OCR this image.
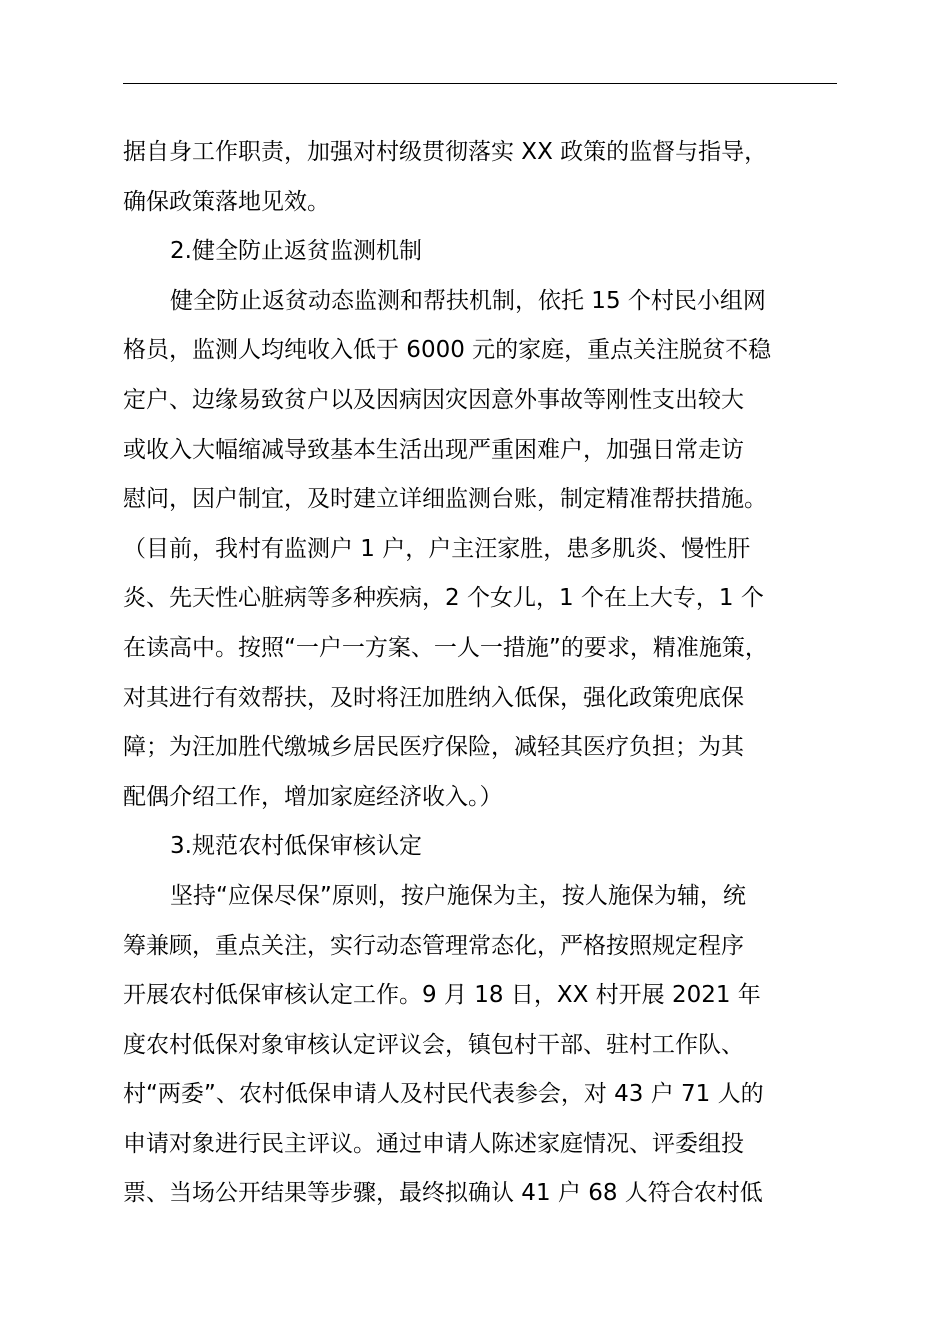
据自身工作职责，加强对村级贯彻落实 XX 政策的监督与指导，
确保政策落地见效。
2.健全防止返贫监测机制
健全防止返贫动态监测和帮扶机制，依托 15 个村民小组网
格员，监测人均纯收入低于 6000 元的家庭，重点关注脱贫不稳
定户、边缘易致贫户以及因病因灾因意外事故等刚性支出较大
或收入大幅缩减导致基本生活出现严重困难户，加强日常走访
慰问，因户制宜，及时建立详细监测台账，制定精准帮扶措施。
（目前，我村有监测户 1 户，户主汪家胜，患多肌炎、慢性肝
炎、先天性心脏病等多种疾病，2 个女儿，1 个在上大专，1 个
在读高中。按照“一户一方案、一人一措施”的要求，精准施策，
对其进行有效帮扶，及时将汪加胜纳入低保，强化政策兜底保
障；为汪加胜代缴城乡居民医疗保险，减轻其医疗负担；为其
配偶介绍工作，增加家庭经济收入。）
3.规范农村低保审核认定
坚持“应保尽保”原则，按户施保为主，按人施保为辅，统
筹兼顾，重点关注，实行动态管理常态化，严格按照规定程序
开展农村低保审核认定工作。9 月 18 日，XX 村开展 2021 年
度农村低保对象审核认定评议会，镇包村干部、驻村工作队、
村“两委”、农村低保申请人及村民代表参会，对 43 户 71 人的
申请对象进行民主评议。通过申请人陈述家庭情况、评委组投
票、当场公开结果等步骤，最终拟确认 41 户 68 人符合农村低
